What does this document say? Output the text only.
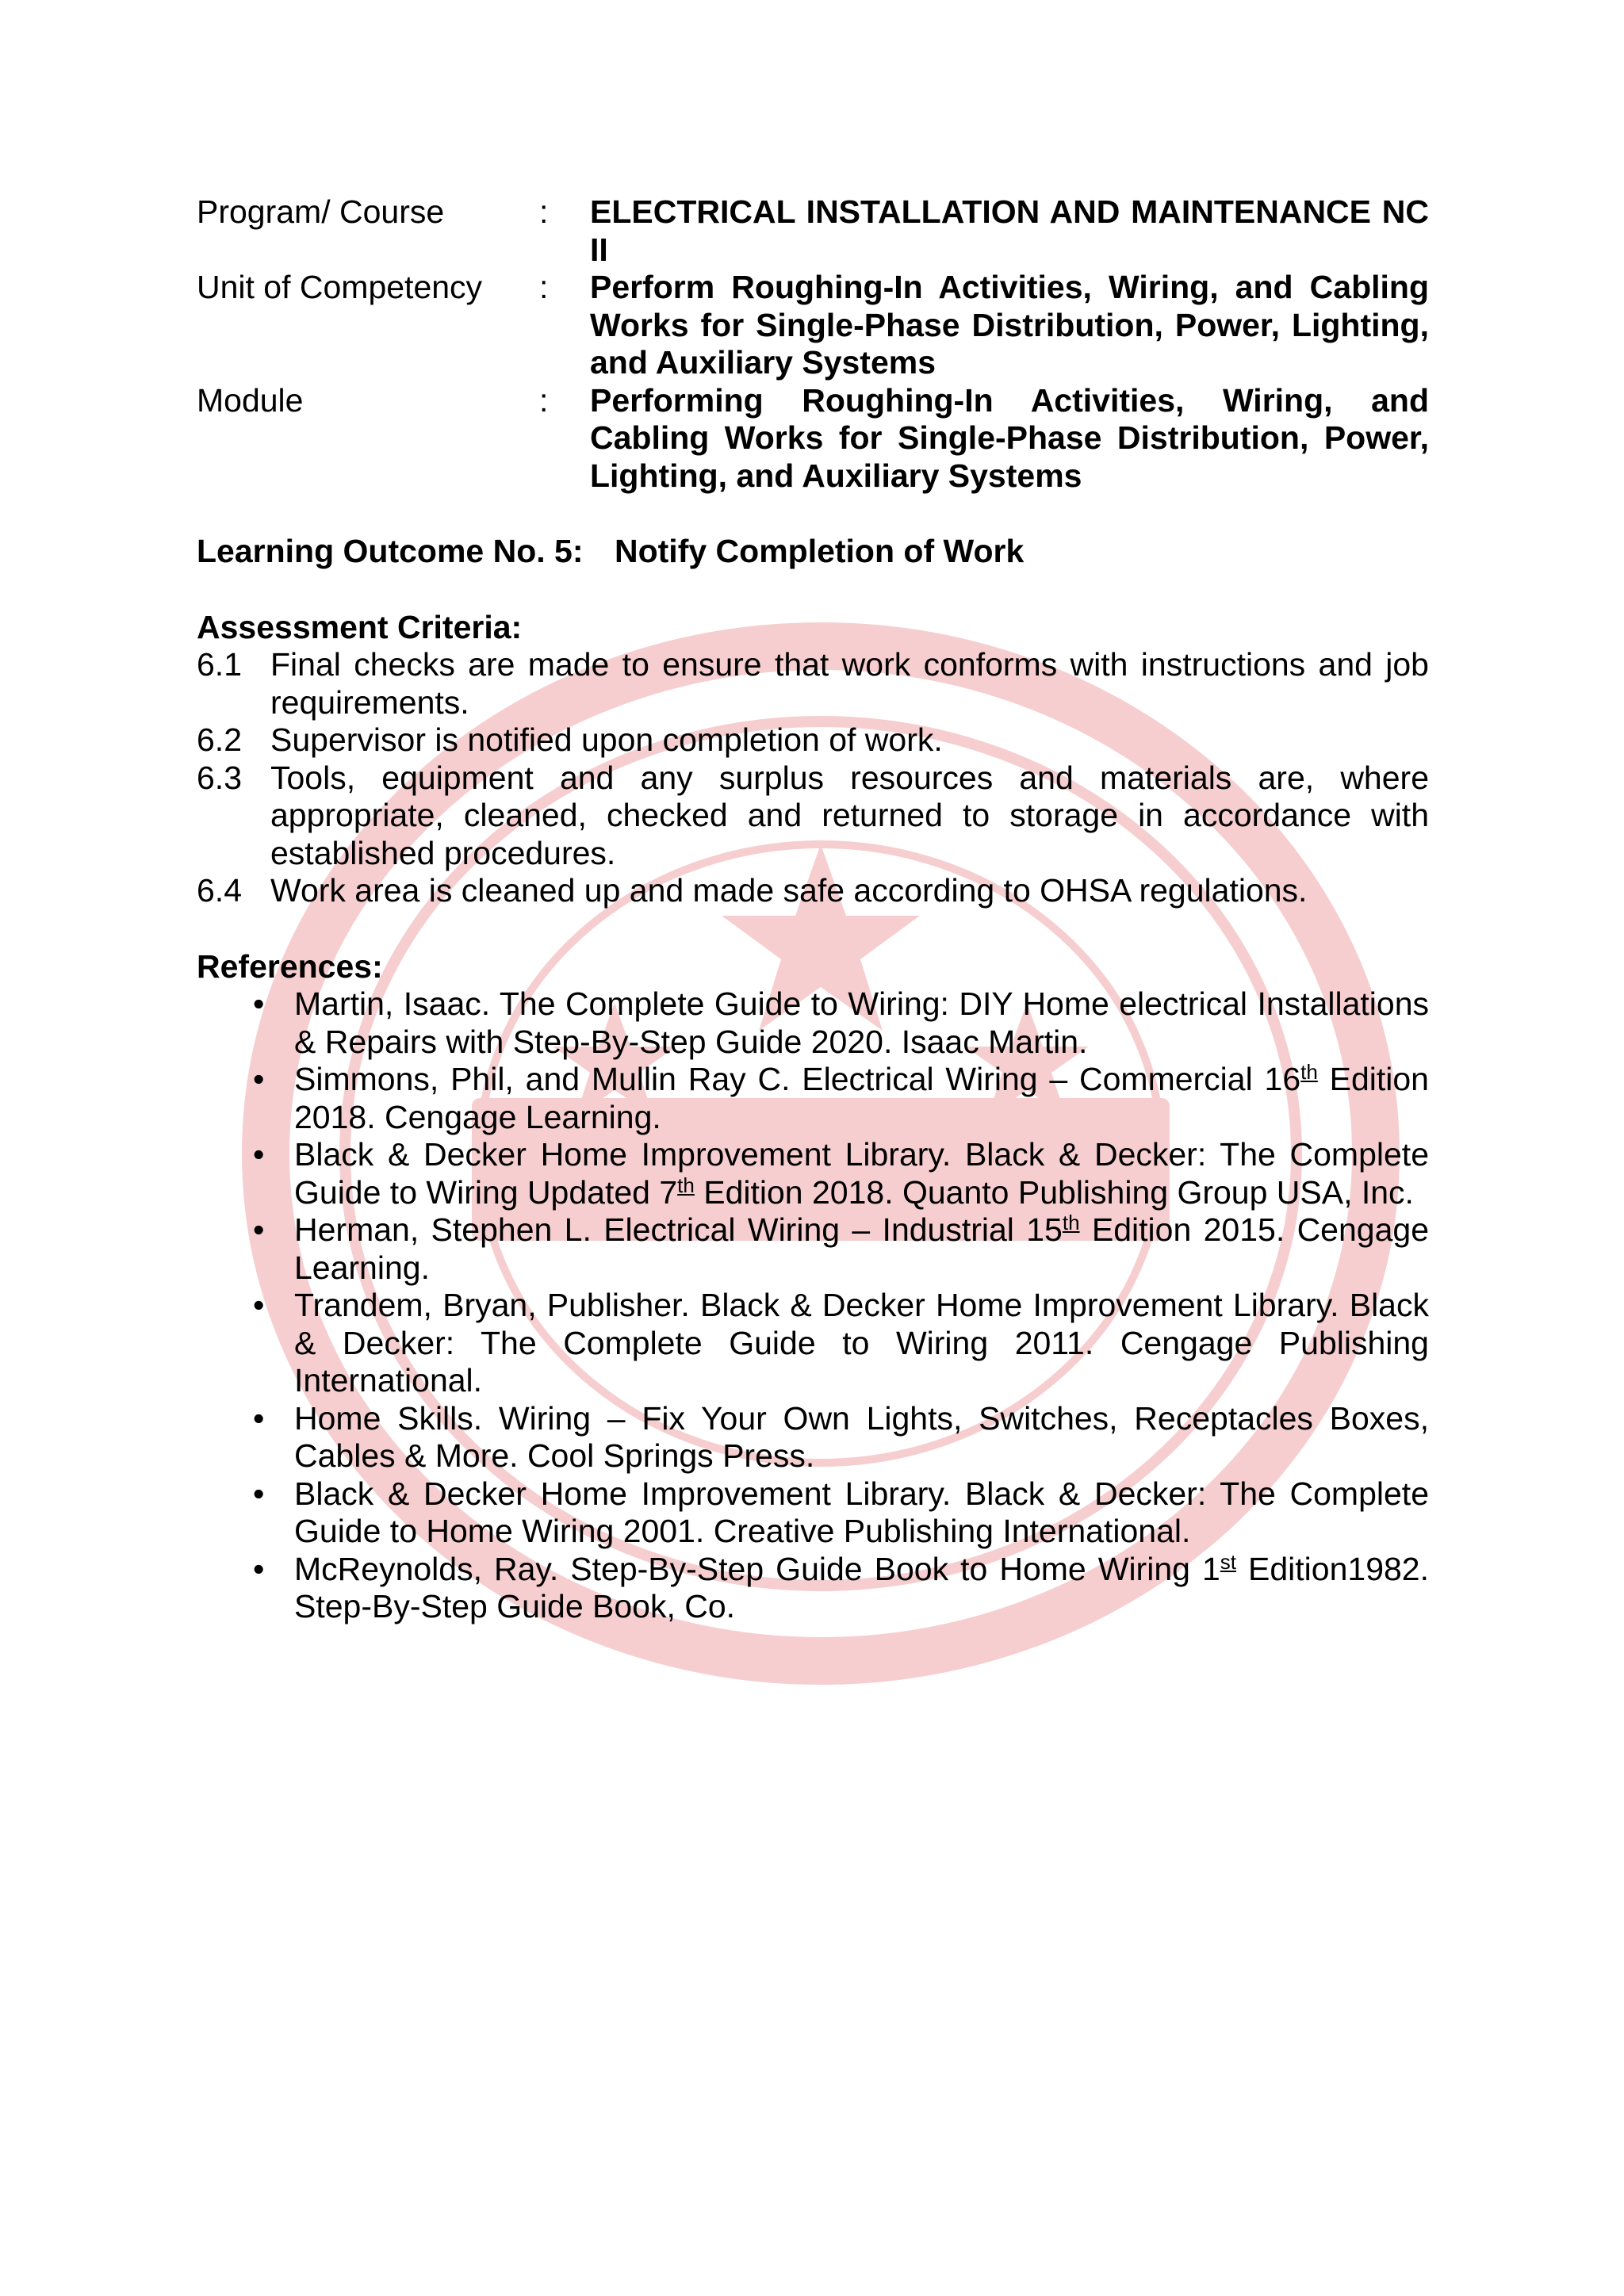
Program/ Course	:	ELECTRICAL INSTALLATION AND MAINTENANCE NC II
Unit of Competency	:	Perform Roughing-In Activities, Wiring, and Cabling Works for Single-Phase Distribution, Power, Lighting, and Auxiliary Systems
Module	:	Performing Roughing-In Activities, Wiring, and Cabling Works for Single-Phase Distribution, Power, Lighting, and Auxiliary Systems
Learning Outcome No. 5: Notify Completion of Work
Assessment Criteria:
6.1 Final checks are made to ensure that work conforms with instructions and job requirements.
6.2 Supervisor is notified upon completion of work.
6.3 Tools, equipment and any surplus resources and materials are, where appropriate, cleaned, checked and returned to storage in accordance with established procedures.
6.4 Work area is cleaned up and made safe according to OHSA regulations.
References:
• Martin, Isaac. The Complete Guide to Wiring: DIY Home electrical Installations & Repairs with Step-By-Step Guide 2020. Isaac Martin.
• Simmons, Phil, and Mullin Ray C. Electrical Wiring – Commercial 16th Edition 2018. Cengage Learning.
• Black & Decker Home Improvement Library. Black & Decker: The Complete Guide to Wiring Updated 7th Edition 2018. Quanto Publishing Group USA, Inc.
• Herman, Stephen L. Electrical Wiring – Industrial 15th Edition 2015. Cengage Learning.
• Trandem, Bryan, Publisher. Black & Decker Home Improvement Library. Black & Decker: The Complete Guide to Wiring 2011. Cengage Publishing International.
• Home Skills. Wiring – Fix Your Own Lights, Switches, Receptacles Boxes, Cables & More. Cool Springs Press.
• Black & Decker Home Improvement Library. Black & Decker: The Complete Guide to Home Wiring 2001. Creative Publishing International.
• McReynolds, Ray. Step-By-Step Guide Book to Home Wiring 1st Edition1982. Step-By-Step Guide Book, Co.
